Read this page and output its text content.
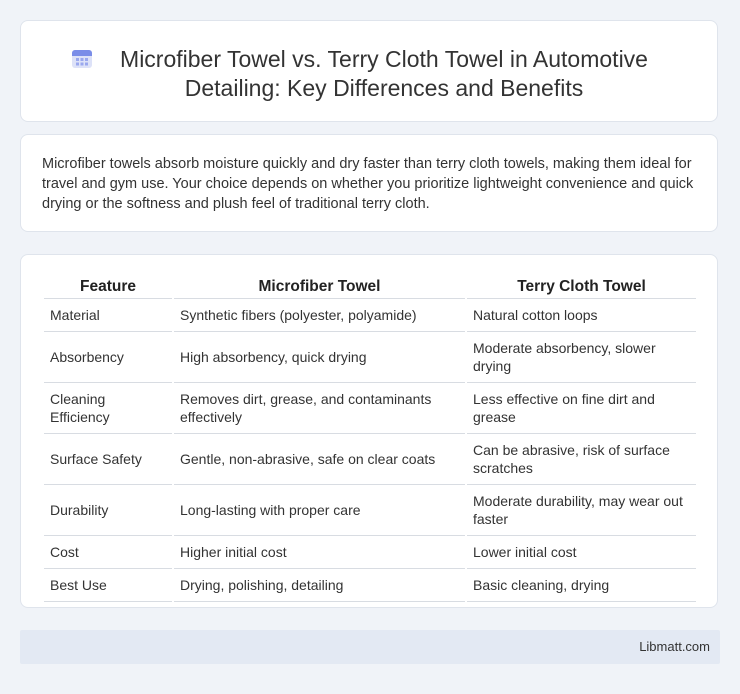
Microfiber Towel vs. Terry Cloth Towel in Automotive Detailing: Key Differences and Benefits
Microfiber towels absorb moisture quickly and dry faster than terry cloth towels, making them ideal for travel and gym use. Your choice depends on whether you prioritize lightweight convenience and quick drying or the softness and plush feel of traditional terry cloth.
Feature	Microfiber Towel	Terry Cloth Towel
Material	Synthetic fibers (polyester, polyamide)	Natural cotton loops
Absorbency	High absorbency, quick drying	Moderate absorbency, slower drying
Cleaning Efficiency	Removes dirt, grease, and contaminants effectively	Less effective on fine dirt and grease
Surface Safety	Gentle, non-abrasive, safe on clear coats	Can be abrasive, risk of surface scratches
Durability	Long-lasting with proper care	Moderate durability, may wear out faster
Cost	Higher initial cost	Lower initial cost
Best Use	Drying, polishing, detailing	Basic cleaning, drying
Libmatt.com
